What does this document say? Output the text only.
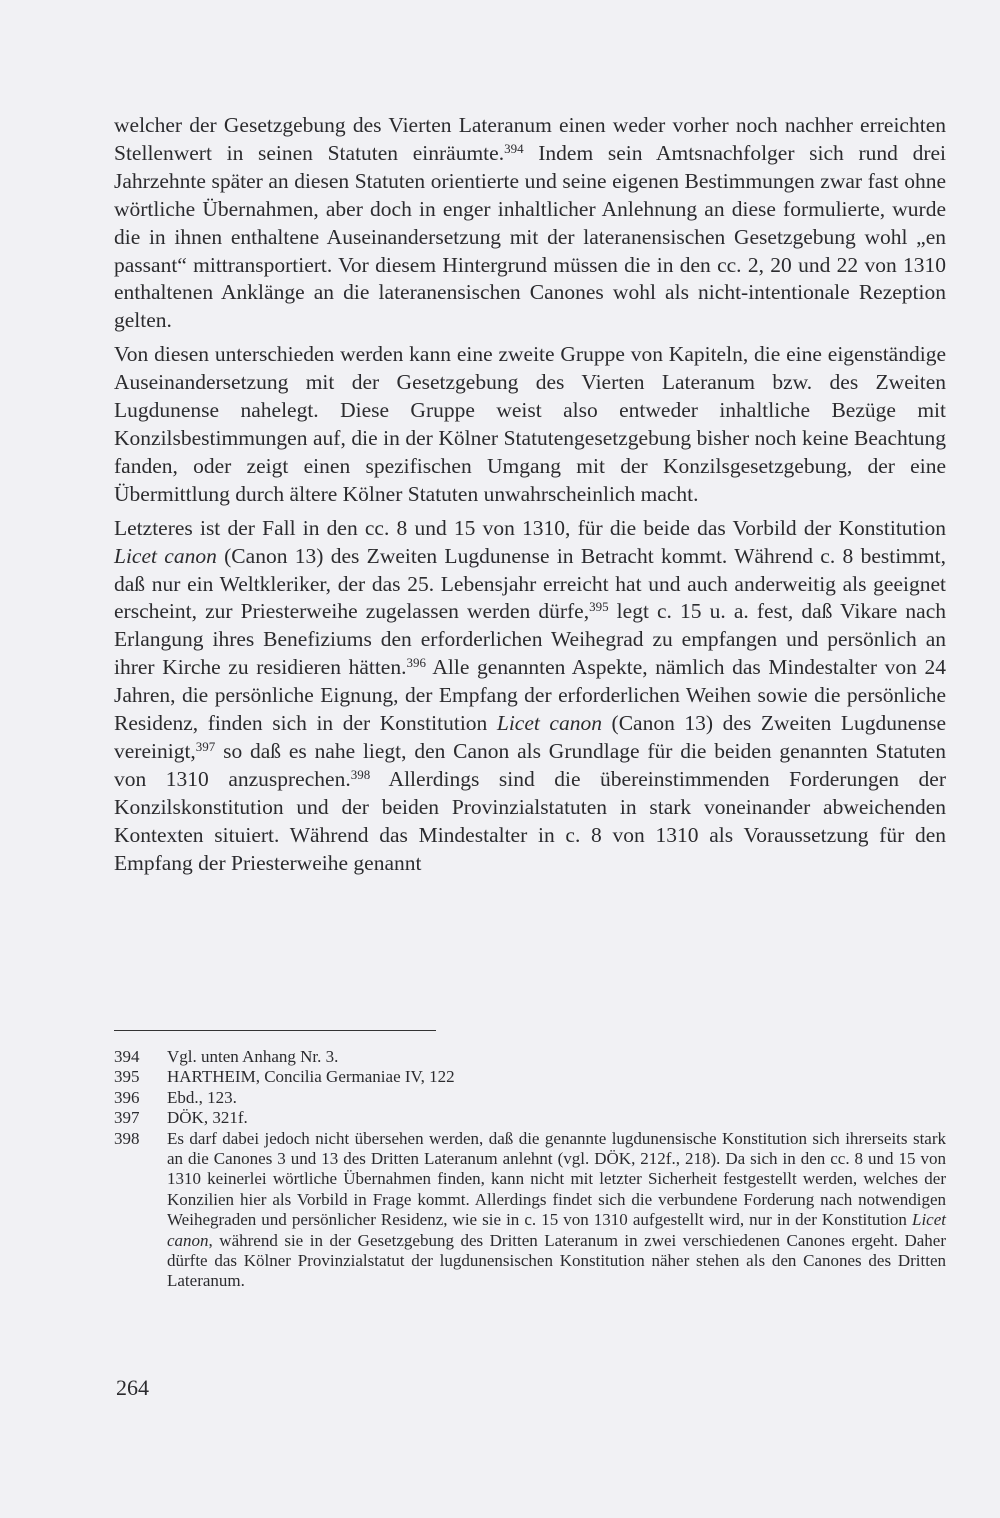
welcher der Gesetzgebung des Vierten Lateranum einen weder vorher noch nachher erreichten Stellenwert in seinen Statuten einräumte.$^{394}$ Indem sein Amtsnachfolger sich rund drei Jahrzehnte später an diesen Statuten orientierte und seine eigenen Bestimmungen zwar fast ohne wörtliche Übernahmen, aber doch in enger inhaltlicher Anlehnung an diese formulierte, wurde die in ihnen enthaltene Auseinandersetzung mit der lateranensischen Gesetzgebung wohl „en passant“ mittransportiert. Vor diesem Hintergrund müssen die in den cc. 2, 20 und 22 von 1310 enthaltenen Anklänge an die lateranensischen Canones wohl als nicht-intentionale Rezeption gelten.

Von diesen unterschieden werden kann eine zweite Gruppe von Kapiteln, die eine eigenständige Auseinandersetzung mit der Gesetzgebung des Vierten Lateranum bzw. des Zweiten Lugdunense nahelegt. Diese Gruppe weist also entweder inhaltliche Bezüge mit Konzilsbestimmungen auf, die in der Kölner Statutengesetzgebung bisher noch keine Beachtung fanden, oder zeigt einen spezifischen Umgang mit der Konzilsgesetzgebung, der eine Übermittlung durch ältere Kölner Statuten unwahrscheinlich macht.

Letzteres ist der Fall in den cc. 8 und 15 von 1310, für die beide das Vorbild der Konstitution Licet canon (Canon 13) des Zweiten Lugdunense in Betracht kommt. Während c. 8 bestimmt, daß nur ein Weltkleriker, der das 25. Lebensjahr erreicht hat und auch anderweitig als geeignet erscheint, zur Priesterweihe zugelassen werden dürfe,$^{395}$ legt c. 15 u. a. fest, daß Vikare nach Erlangung ihres Benefiziums den erforderlichen Weihegrad zu empfangen und persönlich an ihrer Kirche zu residieren hätten.$^{396}$ Alle genannten Aspekte, nämlich das Mindestalter von 24 Jahren, die persönliche Eignung, der Empfang der erforderlichen Weihen sowie die persönliche Residenz, finden sich in der Konstitution Licet canon (Canon 13) des Zweiten Lugdunense vereinigt,$^{397}$ so daß es nahe liegt, den Canon als Grundlage für die beiden genannten Statuten von 1310 anzusprechen.$^{398}$ Allerdings sind die übereinstimmenden Forderungen der Konzilskonstitution und der beiden Provinzialstatuten in stark voneinander abweichenden Kontexten situiert. Während das Mindestalter in c. 8 von 1310 als Voraussetzung für den Empfang der Priesterweihe genannt

394	Vgl. unten Anhang Nr. 3.
395	HARTHEIM, Concilia Germaniae IV, 122
396	Ebd., 123.
397	DÖK, 321f.
398	Es darf dabei jedoch nicht übersehen werden, daß die genannte lugdunensische Konstitution sich ihrerseits stark an die Canones 3 und 13 des Dritten Lateranum anlehnt (vgl. DÖK, 212f., 218). Da sich in den cc. 8 und 15 von 1310 keinerlei wörtliche Übernahmen finden, kann nicht mit letzter Sicherheit festgestellt werden, welches der Konzilien hier als Vorbild in Frage kommt. Allerdings findet sich die verbundene Forderung nach notwendigen Weihegraden und persönlicher Residenz, wie sie in c. 15 von 1310 aufgestellt wird, nur in der Konstitution Licet canon, während sie in der Gesetzgebung des Dritten Lateranum in zwei verschiedenen Canones ergeht. Daher dürfte das Kölner Provinzialstatut der lugdunensischen Konstitution näher stehen als den Canones des Dritten Lateranum.
264
